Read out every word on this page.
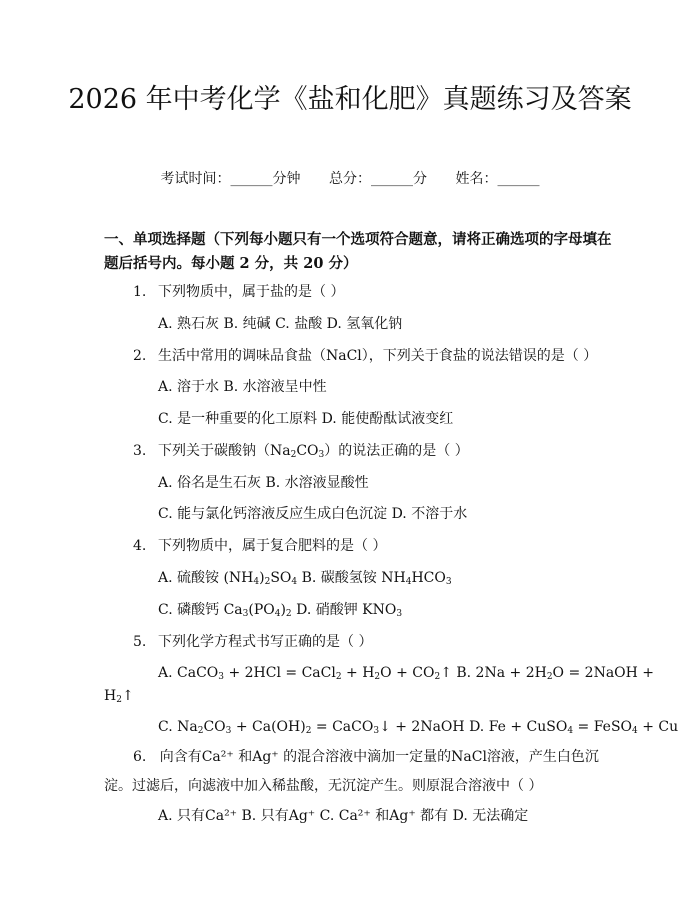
2026 年中考化学《盐和化肥》真题练习及答案
考试时间：______分钟 总分：______分 姓名：______
一、单项选择题（下列每小题只有一个选项符合题意，请将正确选项的字母填在题后括号内。每小题 2 分，共 20 分）
1. 下列物质中，属于盐的是（ ）
A. 熟石灰 B. 纯碱 C. 盐酸 D. 氢氧化钠
2. 生活中常用的调味品食盐（NaCl），下列关于食盐的说法错误的是（ ）
A. 溶于水 B. 水溶液呈中性
C. 是一种重要的化工原料 D. 能使酚酞试液变红
3. 下列关于碳酸钠$(Na_2CO_3)$的说法正确的是（ ）
A. 俗名是生石灰 B. 水溶液显酸性
C. 能与氯化钙溶液反应生成白色沉淀 D. 不溶于水
4. 下列物质中，属于复合肥料的是（ ）
A. 硫酸铵 $(NH_4)_2SO_4$ B. 碳酸氢铵 $NH_4HCO_3$
C. 磷酸钙 $Ca_3(PO_4)_2$ D. 硝酸钾 $KNO_3$
5. 下列化学方程式书写正确的是（ ）
A. CaCO$_3$ + 2HCl = CaCl$_2$ + $H_2O$ + $CO_2↑$ B. $2Na + 2H_2O$ = 2NaOH +
$H_2↑$
C. $Na_2CO_3 + Ca(OH)_2$ = CaCO$_3$↓ + 2NaOH D. Fe + CuSO$_4$ = FeSO$_4$ + Cu
6. 向含有Ca²⁺ 和Ag⁺ 的混合溶液中滴加一定量的NaCl溶液，产生白色沉淀。过滤后，向滤液中加入稀盐酸，无沉淀产生。则原混合溶液中（ ）
A. 只有Ca²⁺ B. 只有Ag⁺ C. Ca²⁺ 和Ag⁺ 都有 D. 无法确定
